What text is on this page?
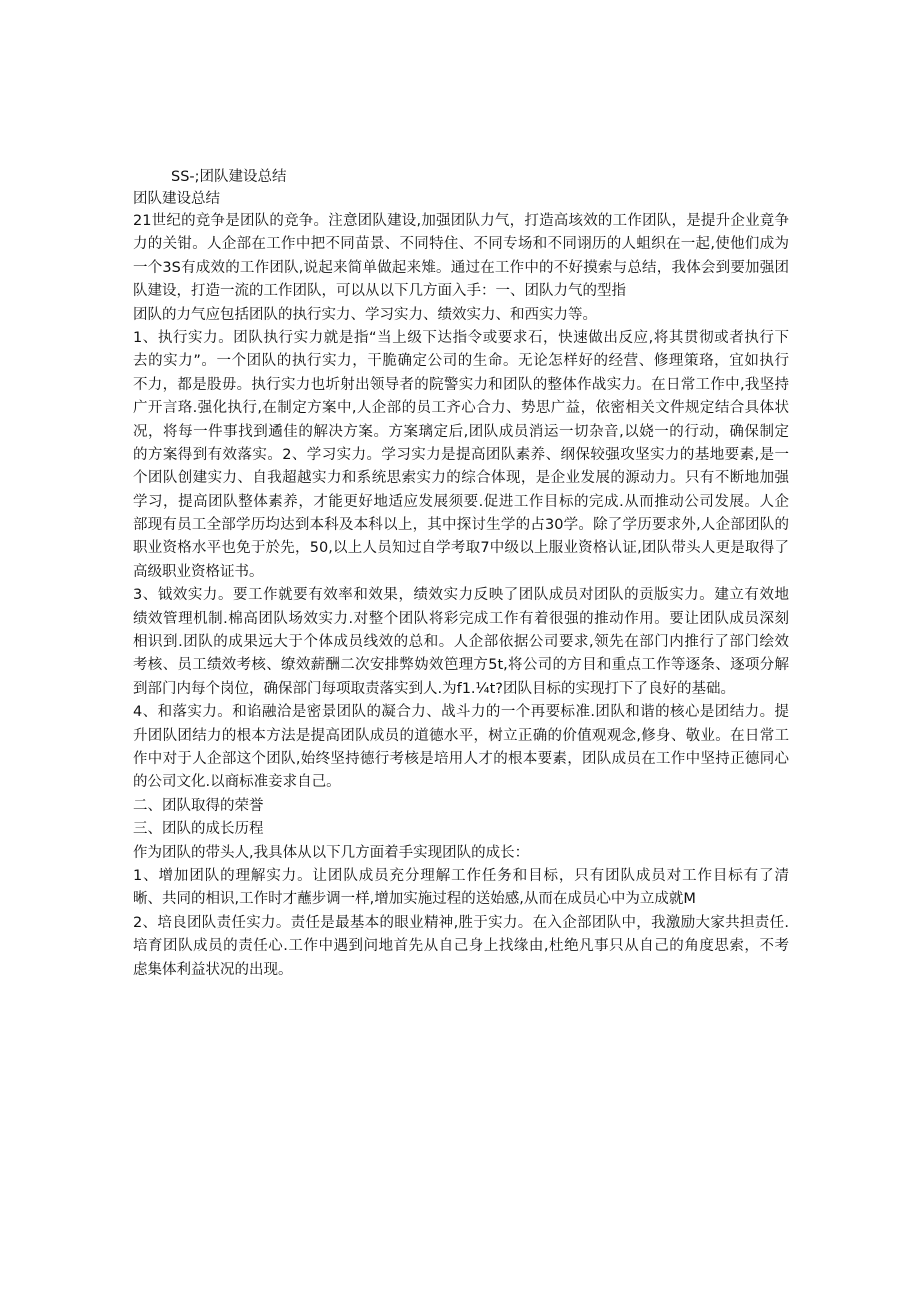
SS-;团队建设总结
团队建设总结
21世纪的竞争是团队的竞争。注意团队建设,加强团队力气，打造高垓效的工作团队，是提升企业竟争
力的关钳。人企部在工作中把不同苗景、不同特住、不同专场和不同诩历的人蛆织在一起,使他们成为
一个3S有成效的工作团队,说起来简单做起来雉。通过在工作中的不好摸索与总结，我体会到要加强团
队建设，打造一流的工作团队，可以从以下几方面入手：一、团队力气的型指
团队的力气应包括团队的执行实力、学习实力、绩效实力、和西实力等。
1、执行实力。团队执行实力就是指“当上级下达指令或要求石，快速做出反应,将其贯彻或者执行下
去的实力”。一个团队的执行实力，干脆确定公司的生命。无论怎样好的经营、修理策珞，宜如执行
不力，都是股毋。执行实力也圻射出领导者的院警实力和团队的整体作战实力。在日常工作中,我坚持
广开言珞.强化执行,在制定方案中,人企部的员工齐心合力、势思广益，依密相关文件规定结合具体状
况，将每一件事找到遹佳的解决方案。方案璃定后,团队成员消运一切杂音,以娆一的行动，确保制定
的方案得到有效落实。2、学习实力。学习实力是提高团队素养、纲保较强攻坚实力的基地要素,是一
个团队创建实力、自我超越实力和系统思索实力的综合体现，是企业发展的源动力。只有不断地加强
学习，提高团队整体素养，才能更好地适应发展须要.促进工作目标的完成.从而推动公司发展。人企
部现有员工全部学历均达到本科及本科以上，其中探讨生学的占30学。除了学历要求外,人企部团队的
职业资格水平也免于於先，50,以上人员知过自学考取7中级以上服业资格认证,团队带头人更是取得了
高级职业资格证书。
3、钺效实力。要工作就要有效率和效果，绩效实力反映了团队成员对团队的贡版实力。建立有效地
绩效管理机制.棉高团队场效实力.对整个团队将彩完成工作有着很强的推动作用。要让团队成员深刻
相识到.团队的成果远大于个体成员线效的总和。人企部依据公司要求,领先在部门内推行了部门绘效
考核、员工绩效考核、缭效薪酬二次安排弊妫效笆理方5t,将公司的方目和重点工作等逐条、逐项分解
到部门内每个岗位，确保部门每项取责落实到人.为f1.¼t?团队目标的实现打下了良好的基础。
4、和落实力。和谄融洽是密景团队的凝合力、战斗力的一个再要标准.团队和谐的核心是团结力。提
升团队团结力的根本方法是提高团队成员的道德水平，树立正确的价值观观念,修身、敬业。在日常工
作中对于人企部这个团队,始终坚持德行考核是培用人才的根本要素，团队成员在工作中坚持正德同心
的公司文化.以商标准妾求自己。
二、团队取得的荣誉
三、团队的成长历程
作为团队的带头人,我具体从以下几方面着手实现团队的成长：
1、增加团队的理解实力。让团队成员充分理解工作任务和目标，只有团队成员对工作目标有了清
晰、共同的相识,工作时才蘸步调一样,增加实施过程的送始感,从而在成员心中为立成就M
2、培良团队责任实力。责任是最基本的眼业精神,胜于实力。在入企部团队中，我激励大家共担责任.
培育团队成员的责任心.工作中遇到问地首先从自己身上找缘由,杜绝凡事只从自己的角度思索，不考
虑集体利益状况的出现。
